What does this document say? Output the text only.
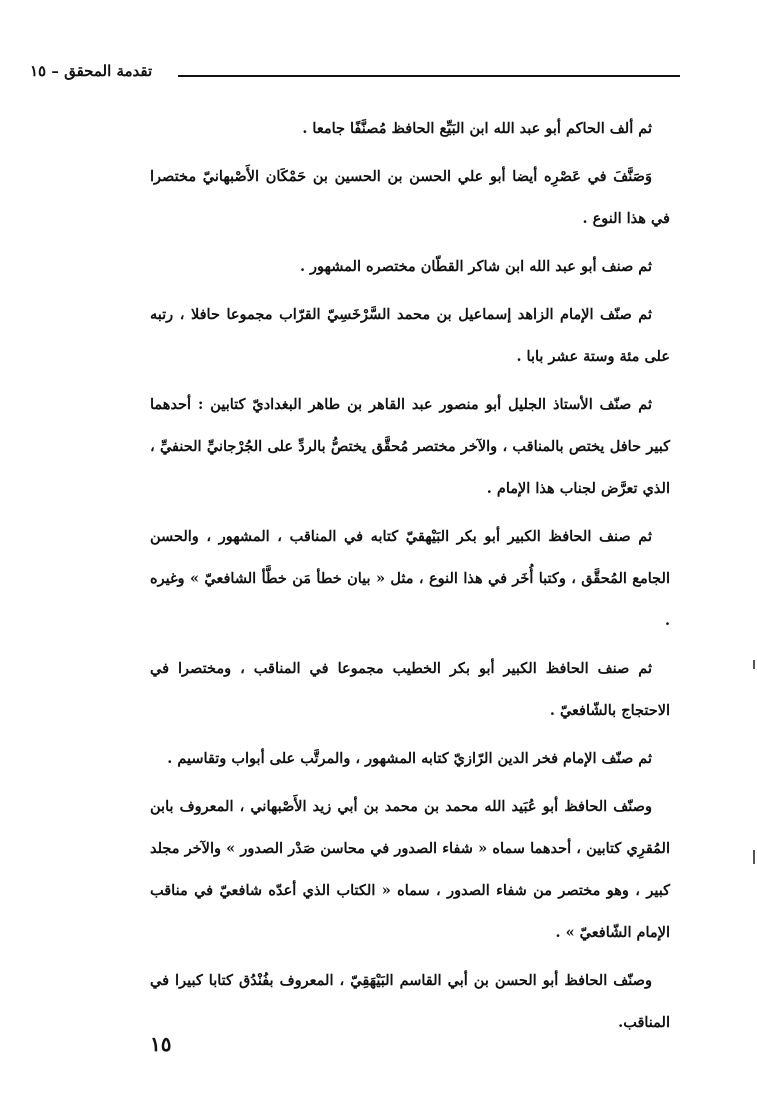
تقدمة المحقق – ١٥

ثم ألف الحاكم أبو عبد الله ابن البَيِّع الحافظ مُصنَّفًا جامعا .

وَصَنَّفَ في عَصْرِه أيضا أبو علي الحسن بن الحسين بن حَمْكَان الأَصْبهانيّ مختصرا في هذا النوع .

ثم صنف أبو عبد الله ابن شاكر القطّان مختصره المشهور .

ثم صنّف الإمام الزاهد إسماعيل بن محمد السَّرْخَسِيّ القرّاب مجموعا حافلا ، رتبه على مئة وستة عشر بابا .

ثم صنّف الأستاذ الجليل أبو منصور عبد القاهر بن طاهر البغداديّ كتابين : أحدهما كبير حافل يختص بالمناقب ، والآخر مختصر مُحقَّق يختصُّ بالردِّ على الجُرْجانيِّ الحنفيِّ ، الذي تعرَّض لجناب هذا الإمام .

ثم صنف الحافظ الكبير أبو بكر البَيْهقيّ كتابه في المناقب ، المشهور ، والحسن الجامع المُحقَّق ، وكتبا أُخَر في هذا النوع ، مثل « بيان خطأ مَن خطَّأ الشافعيّ » وغيره .

ثم صنف الحافظ الكبير أبو بكر الخطيب مجموعا في المناقب ، ومختصرا في الاحتجاج بالشّافعيّ .

ثم صنّف الإمام فخر الدين الرّازيّ كتابه المشهور ، والمرتَّب على أبواب وتقاسيم .

وصنّف الحافظ أبو عُبَيد الله محمد بن محمد بن أبي زيد الأَصْبهاني ، المعروف بابن المُقرِي كتابين ، أحدهما سماه « شفاء الصدور في محاسن صَدْر الصدور » والآخر مجلد كبير ، وهو مختصر من شفاء الصدور ، سماه « الكتاب الذي أعدّه شافعيّ في مناقب الإمام الشّافعيّ » .

وصنّف الحافظ أبو الحسن بن أبي القاسم البَيْهَقِيّ ، المعروف بفُنْدُق كتابا كبيرا في المناقب.

١٥
